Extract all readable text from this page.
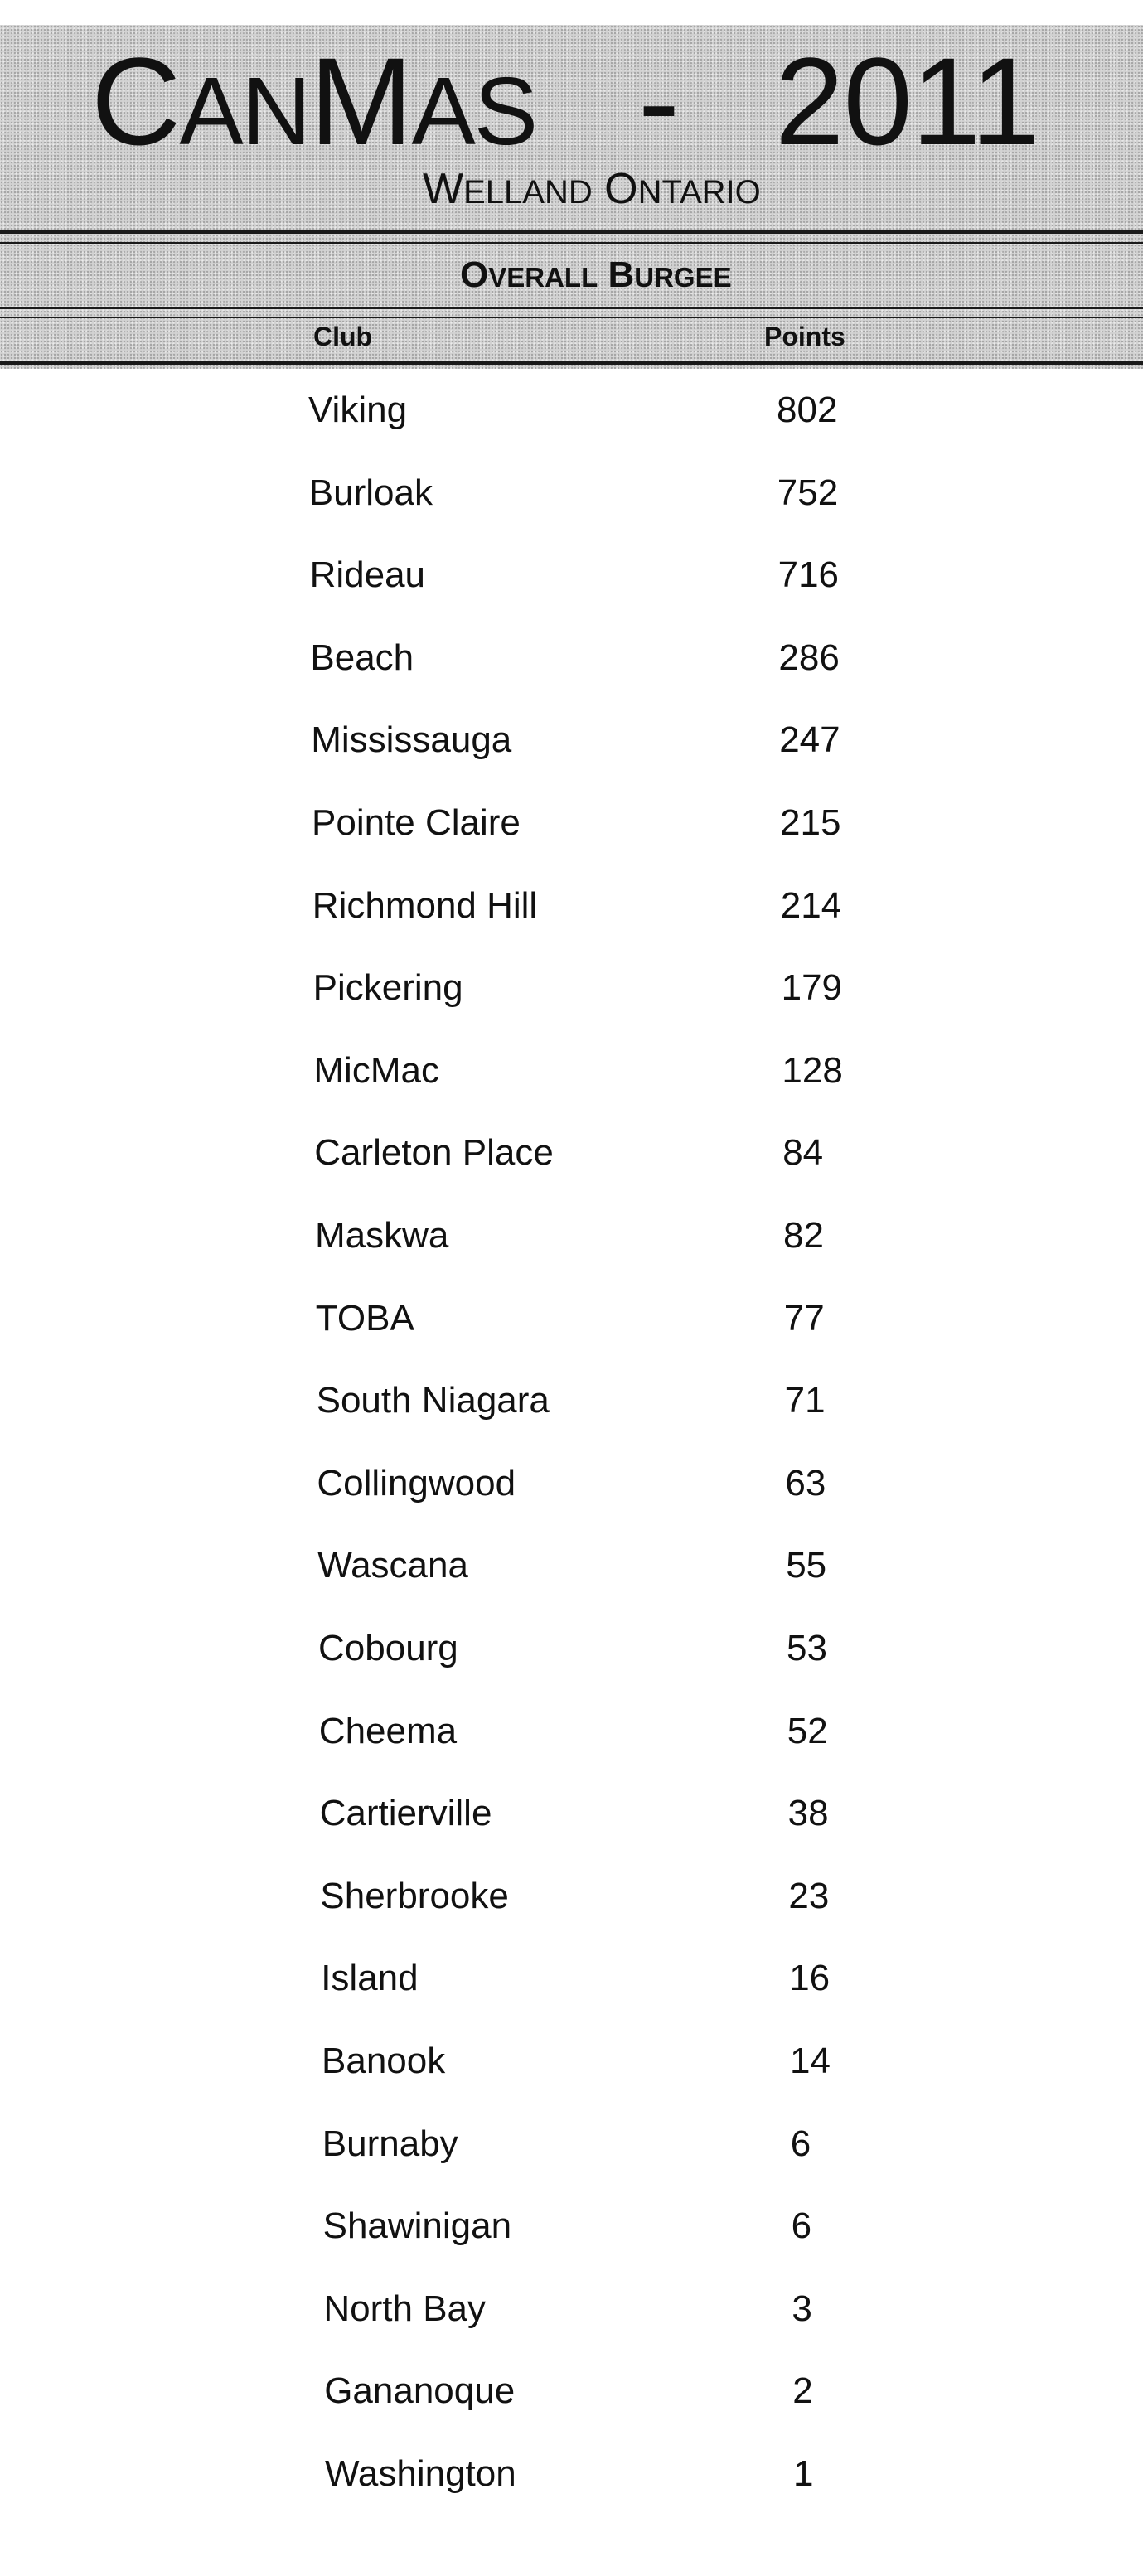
CANMAS - 2011
WELLAND ONTARIO
OVERALL BURGEE
Club	Points
Viking	802
Burloak	752
Rideau	716
Beach	286
Mississauga	247
Pointe Claire	215
Richmond Hill	214
Pickering	179
MicMac	128
Carleton Place	84
Maskwa	82
TOBA	77
South Niagara	71
Collingwood	63
Wascana	55
Cobourg	53
Cheema	52
Cartierville	38
Sherbrooke	23
Island	16
Banook	14
Burnaby	6
Shawinigan	6
North Bay	3
Gananoque	2
Washington	1
